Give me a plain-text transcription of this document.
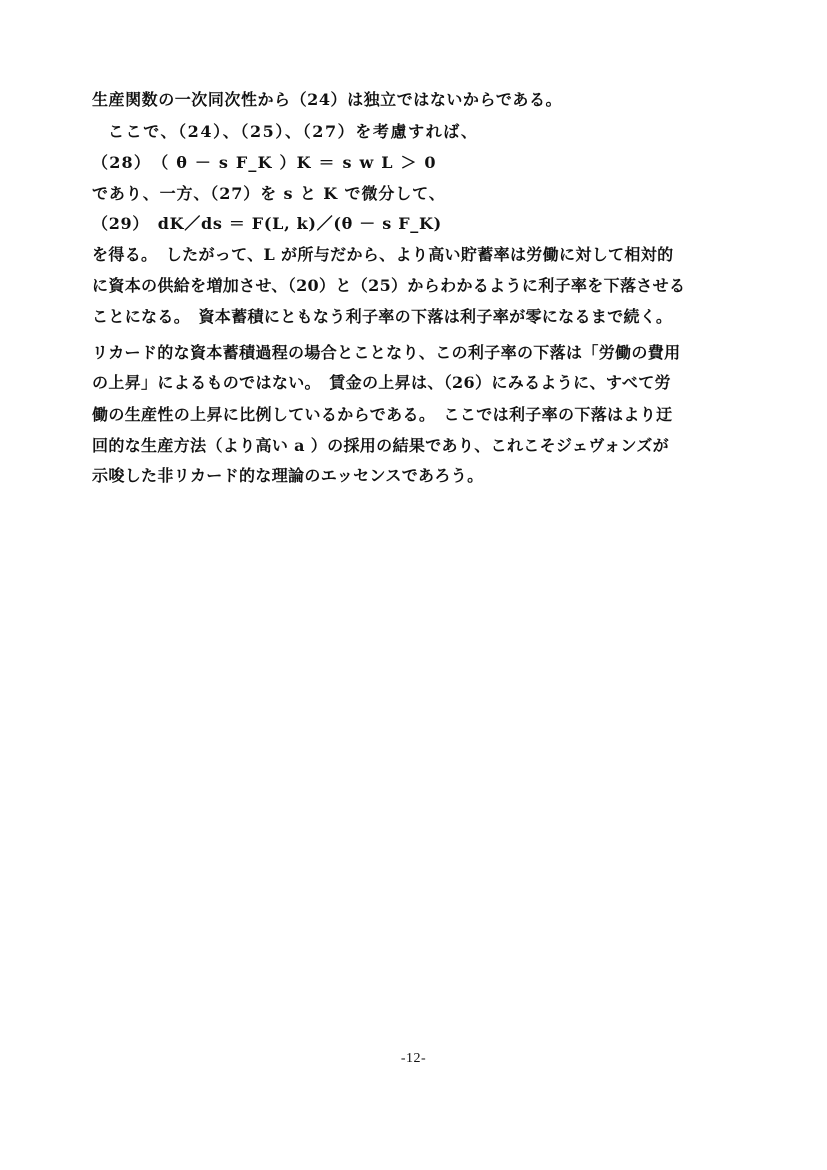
生産関数の一次同次性から（24）は独立ではないからである。
ここで、（24）、（25）、（27）を考慮すれば、
（28）　（ θ － s F_K ）K ＝ s w L ＞ 0
であり、一方、（27）を s と K で微分して、
（29）　dK／ds ＝ F(L, k)／(θ － s F_K)
を得る。　したがって、L が所与だから、より高い貯蓄率は労働に対して相対的
に資本の供給を増加させ、（20）と（25）からわかるように利子率を下落させる
ことになる。　資本蓄積にともなう利子率の下落は利子率が零になるまで続く。
リカード的な資本蓄積過程の場合とことなり、この利子率の下落は「労働の費用
の上昇」によるものではない。　賃金の上昇は、（26）にみるように、すべて労
働の生産性の上昇に比例しているからである。　ここでは利子率の下落はより迂
回的な生産方法（より高い a ）の採用の結果であり、これこそジェヴォンズが
示唆した非リカード的な理論のエッセンスであろう。
-12-
